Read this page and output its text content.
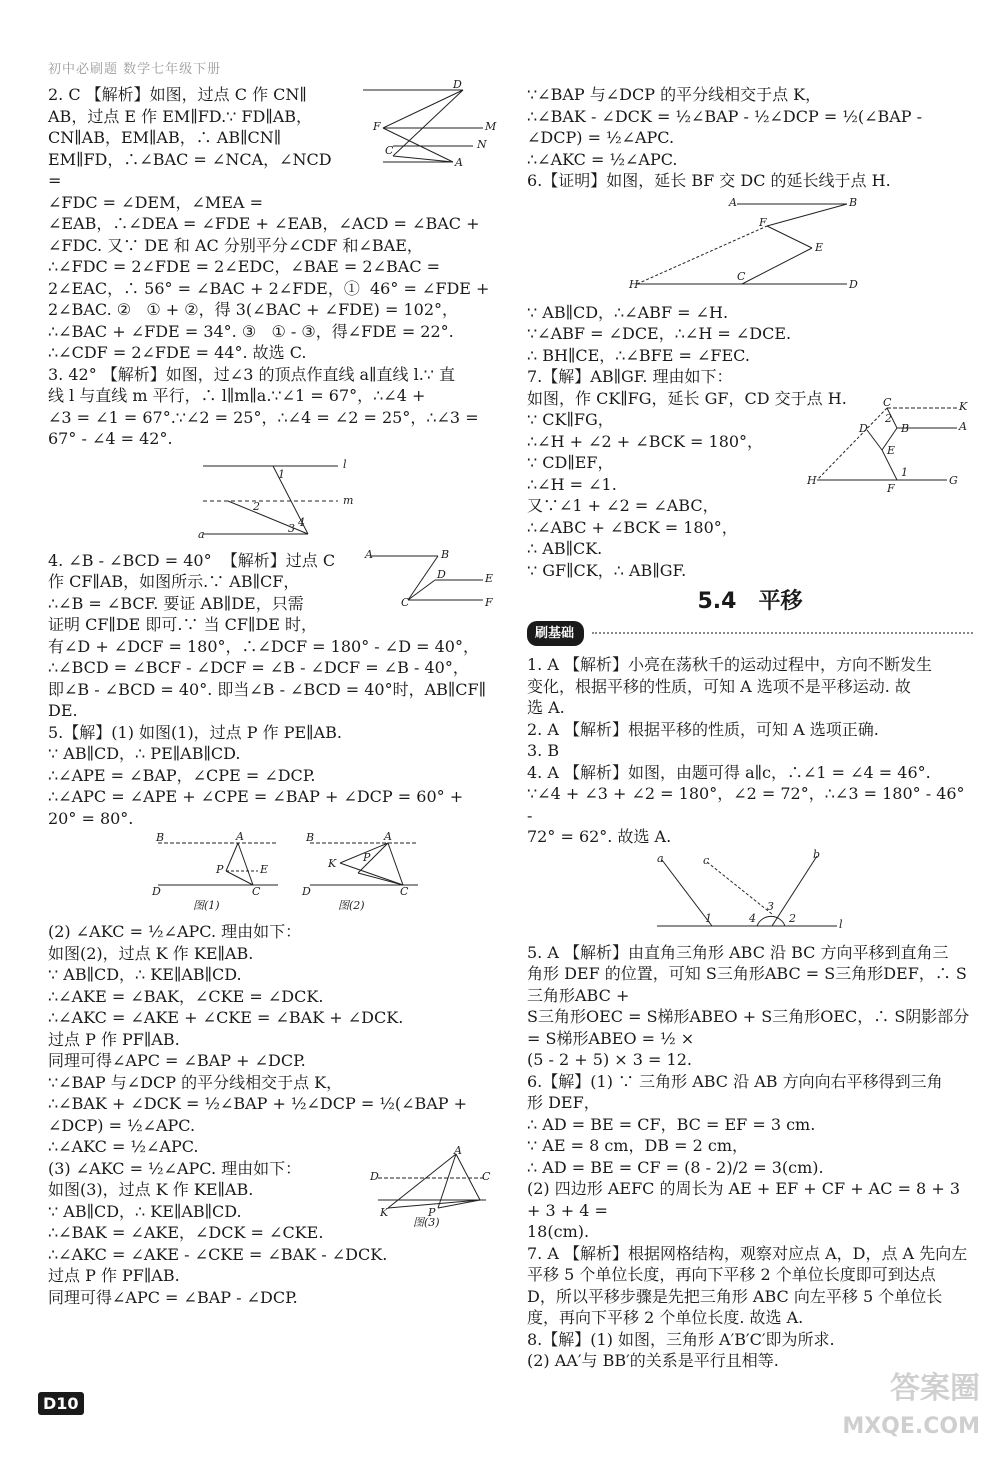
初中必刷题 数学七年级下册

2. C 【解析】如图，过点 C 作 CN∥

AB，过点 E 作 EM∥FD.∵ FD∥AB，

CN∥AB，EM∥AB，∴ AB∥CN∥

EM∥FD，∴∠BAC = ∠NCA，∠NCD =

∠FDC = ∠DEM，∠MEA =

D
F	M
N
C
A

∠EAB，∴∠DEA = ∠FDE + ∠EAB，∠ACD = ∠BAC +

∠FDC. 又∵ DE 和 AC 分别平分∠CDF 和∠BAE，

∴∠FDC = 2∠FDE = 2∠EDC，∠BAE = 2∠BAC =

2∠EAC，∴ 56° = ∠BAC + 2∠FDE，①  46° = ∠FDE +

2∠BAC. ②   ① + ②，得 3(∠BAC + ∠FDE) = 102°，

∴∠BAC + ∠FDE = 34°. ③   ① - ③，得∠FDE = 22°.

∴∠CDF = 2∠FDE = 44°. 故选 C.

3. 42° 【解析】如图，过∠3 的顶点作直线 a∥直线 l.∵ 直

线 l 与直线 m 平行，∴ l∥m∥a.∵∠1 = 67°，∴∠4 +

∠3 = ∠1 = 67°.∵∠2 = 25°，∴∠4 = ∠2 = 25°，∴∠3 =

67° - ∠4 = 42°.

l
m
a
1
2
3 4

4. ∠B - ∠BCD = 40°  【解析】过点 C

作 CF∥AB，如图所示.∵ AB∥CF，

∴∠B = ∠BCF. 要证 AB∥DE，只需

证明 CF∥DE 即可.∵ 当 CF∥DE 时，

A	B
C
D	E
F

有∠D + ∠DCF = 180°，∴∠DCF = 180° - ∠D = 40°，

∴∠BCD = ∠BCF - ∠DCF = ∠B - ∠DCF = ∠B - 40°，

即∠B - ∠BCD = 40°. 即当∠B - ∠BCD = 40°时，AB∥CF∥

DE.

5.【解】(1) 如图(1)，过点 P 作 PE∥AB.

∵ AB∥CD，∴ PE∥AB∥CD.

∴∠APE = ∠BAP，∠CPE = ∠DCP.

∴∠APC = ∠APE + ∠CPE = ∠BAP + ∠DCP = 60° +

20° = 80°.

B	A
P	E
D	C
图(1)
B	A
K P
D	C
图(2)

(2) ∠AKC = ½∠APC. 理由如下：

如图(2)，过点 K 作 KE∥AB.

∵ AB∥CD，∴ KE∥AB∥CD.

∴∠AKE = ∠BAK，∠CKE = ∠DCK.

∴∠AKC = ∠AKE + ∠CKE = ∠BAK + ∠DCK.

过点 P 作 PF∥AB.

同理可得∠APC = ∠BAP + ∠DCP.

∵∠BAP 与∠DCP 的平分线相交于点 K，

∴∠BAK + ∠DCK = ½∠BAP + ½∠DCP = ½(∠BAP +

∠DCP) = ½∠APC.

∴∠AKC = ½∠APC.

(3) ∠AKC = ½∠APC. 理由如下：

如图(3)，过点 K 作 KE∥AB.

∵ AB∥CD，∴ KE∥AB∥CD.

∴∠BAK = ∠AKE，∠DCK = ∠CKE.

∴∠AKC = ∠AKE - ∠CKE = ∠BAK - ∠DCK.

过点 P 作 PF∥AB.

同理可得∠APC = ∠BAP - ∠DCP.

A
D	C
K	P
图(3)

∵∠BAP 与∠DCP 的平分线相交于点 K，

∴∠BAK - ∠DCK = ½∠BAP - ½∠DCP = ½(∠BAP -

∠DCP) = ½∠APC.

∴∠AKC = ½∠APC.

6.【证明】如图，延长 BF 交 DC 的延长线于点 H.

A	B
F
E
H
C
D

∵ AB∥CD，∴∠ABF = ∠H.

∵∠ABF = ∠DCE，∴∠H = ∠DCE.

∴ BH∥CE，∴∠BFE = ∠FEC.

7.【解】AB∥GF. 理由如下：

如图，作 CK∥FG，延长 GF，CD 交于点 H.

∵ CK∥FG，

∴∠H + ∠2 + ∠BCK = 180°，

∵ CD∥EF，

∴∠H = ∠1.

又∵∠1 + ∠2 = ∠ABC，

∴∠ABC + ∠BCK = 180°，

∴ AB∥CK.

∵ GF∥CK，∴ AB∥GF.

C	K
B	A
D
E
H
F
G
2
1
5.4　平移
刷基础

1. A 【解析】小亮在荡秋千的运动过程中，方向不断发生

变化，根据平移的性质，可知 A 选项不是平移运动. 故

选 A.

2. A 【解析】根据平移的性质，可知 A 选项正确.

3. B

4. A 【解析】如图，由题可得 a∥c，∴∠1 = ∠4 = 46°.

∵∠4 + ∠3 + ∠2 = 180°，∠2 = 72°，∴∠3 = 180° - 46° -

72° = 62°. 故选 A.

a	b
c
l
1	4
3
2

5. A 【解析】由直角三角形 ABC 沿 BC 方向平移到直角三

角形 DEF 的位置，可知 S三角形ABC = S三角形DEF，∴ S三角形ABC +

S三角形OEC = S梯形ABEO + S三角形OEC，∴ S阴影部分 = S梯形ABEO = ½ ×

(5 - 2 + 5) × 3 = 12.

6.【解】(1) ∵ 三角形 ABC 沿 AB 方向向右平移得到三角

形 DEF，

∴ AD = BE = CF，BC = EF = 3 cm.

∵ AE = 8 cm，DB = 2 cm，

∴ AD = BE = CF = (8 - 2)/2 = 3(cm).

(2) 四边形 AEFC 的周长为 AE + EF + CF + AC = 8 + 3 + 3 + 4 =

18(cm).

7. A 【解析】根据网格结构，观察对应点 A，D，点 A 先向左

平移 5 个单位长度，再向下平移 2 个单位长度即可到达点

D，所以平移步骤是先把三角形 ABC 向左平移 5 个单位长

度，再向下平移 2 个单位长度. 故选 A.

8.【解】(1) 如图，三角形 A′B′C′即为所求.

(2) AA′与 BB′的关系是平行且相等.

D10	答案圈
MXQE.COM
